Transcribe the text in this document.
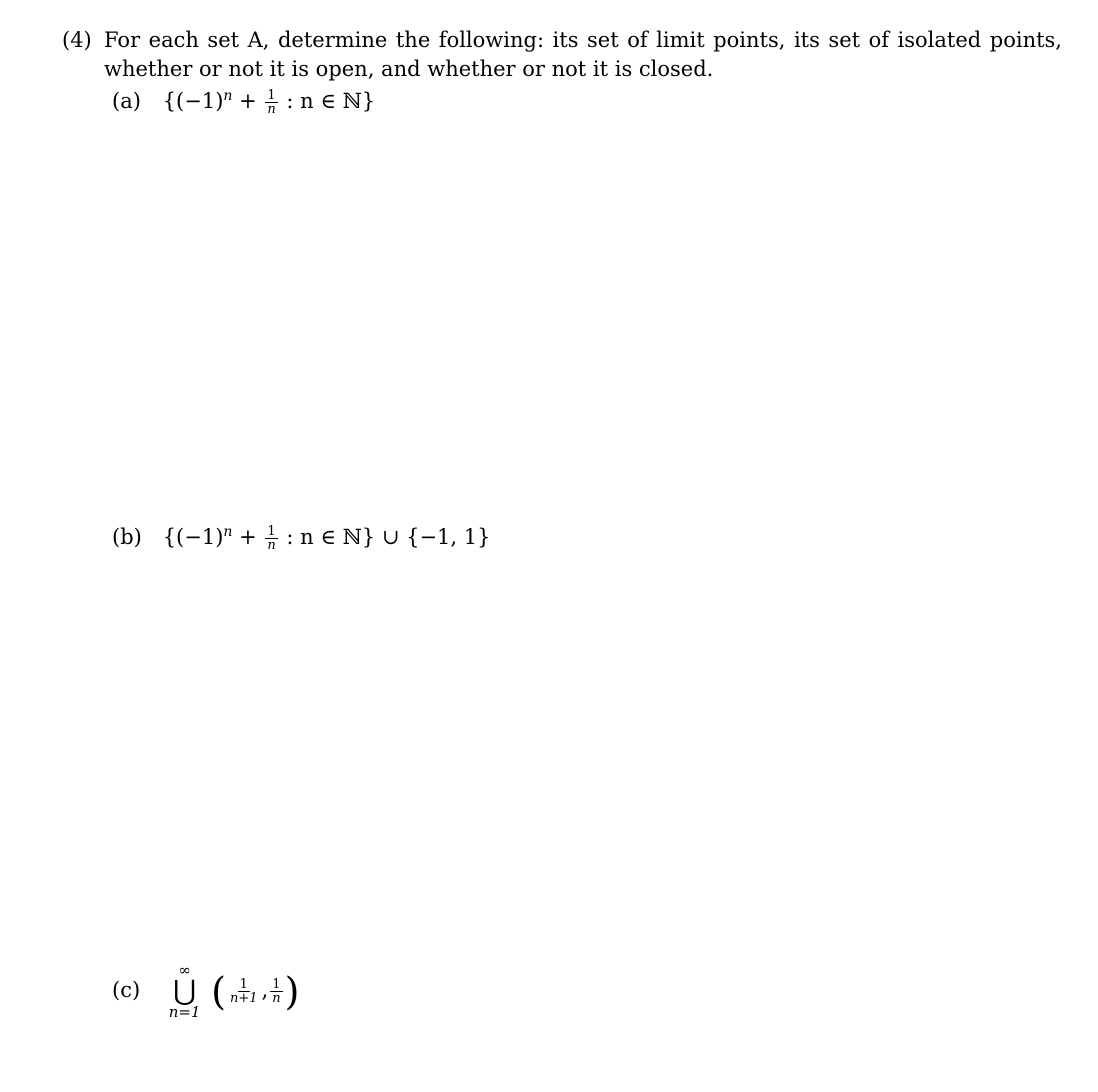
(4) For each set A, determine the following: its set of limit points, its set of isolated points, whether or not it is open, and whether or not it is closed.
(a) {$(-1)^n + \frac{1}{n}$ : n ∈ ℕ}
(b) {$(-1)^n + \frac{1}{n}$ : n ∈ ℕ} ∪ {−1, 1}
(c)
∞
⋃
n=1 ( $\frac{1}{n+1}$ , $\frac{1}{n}$ )
